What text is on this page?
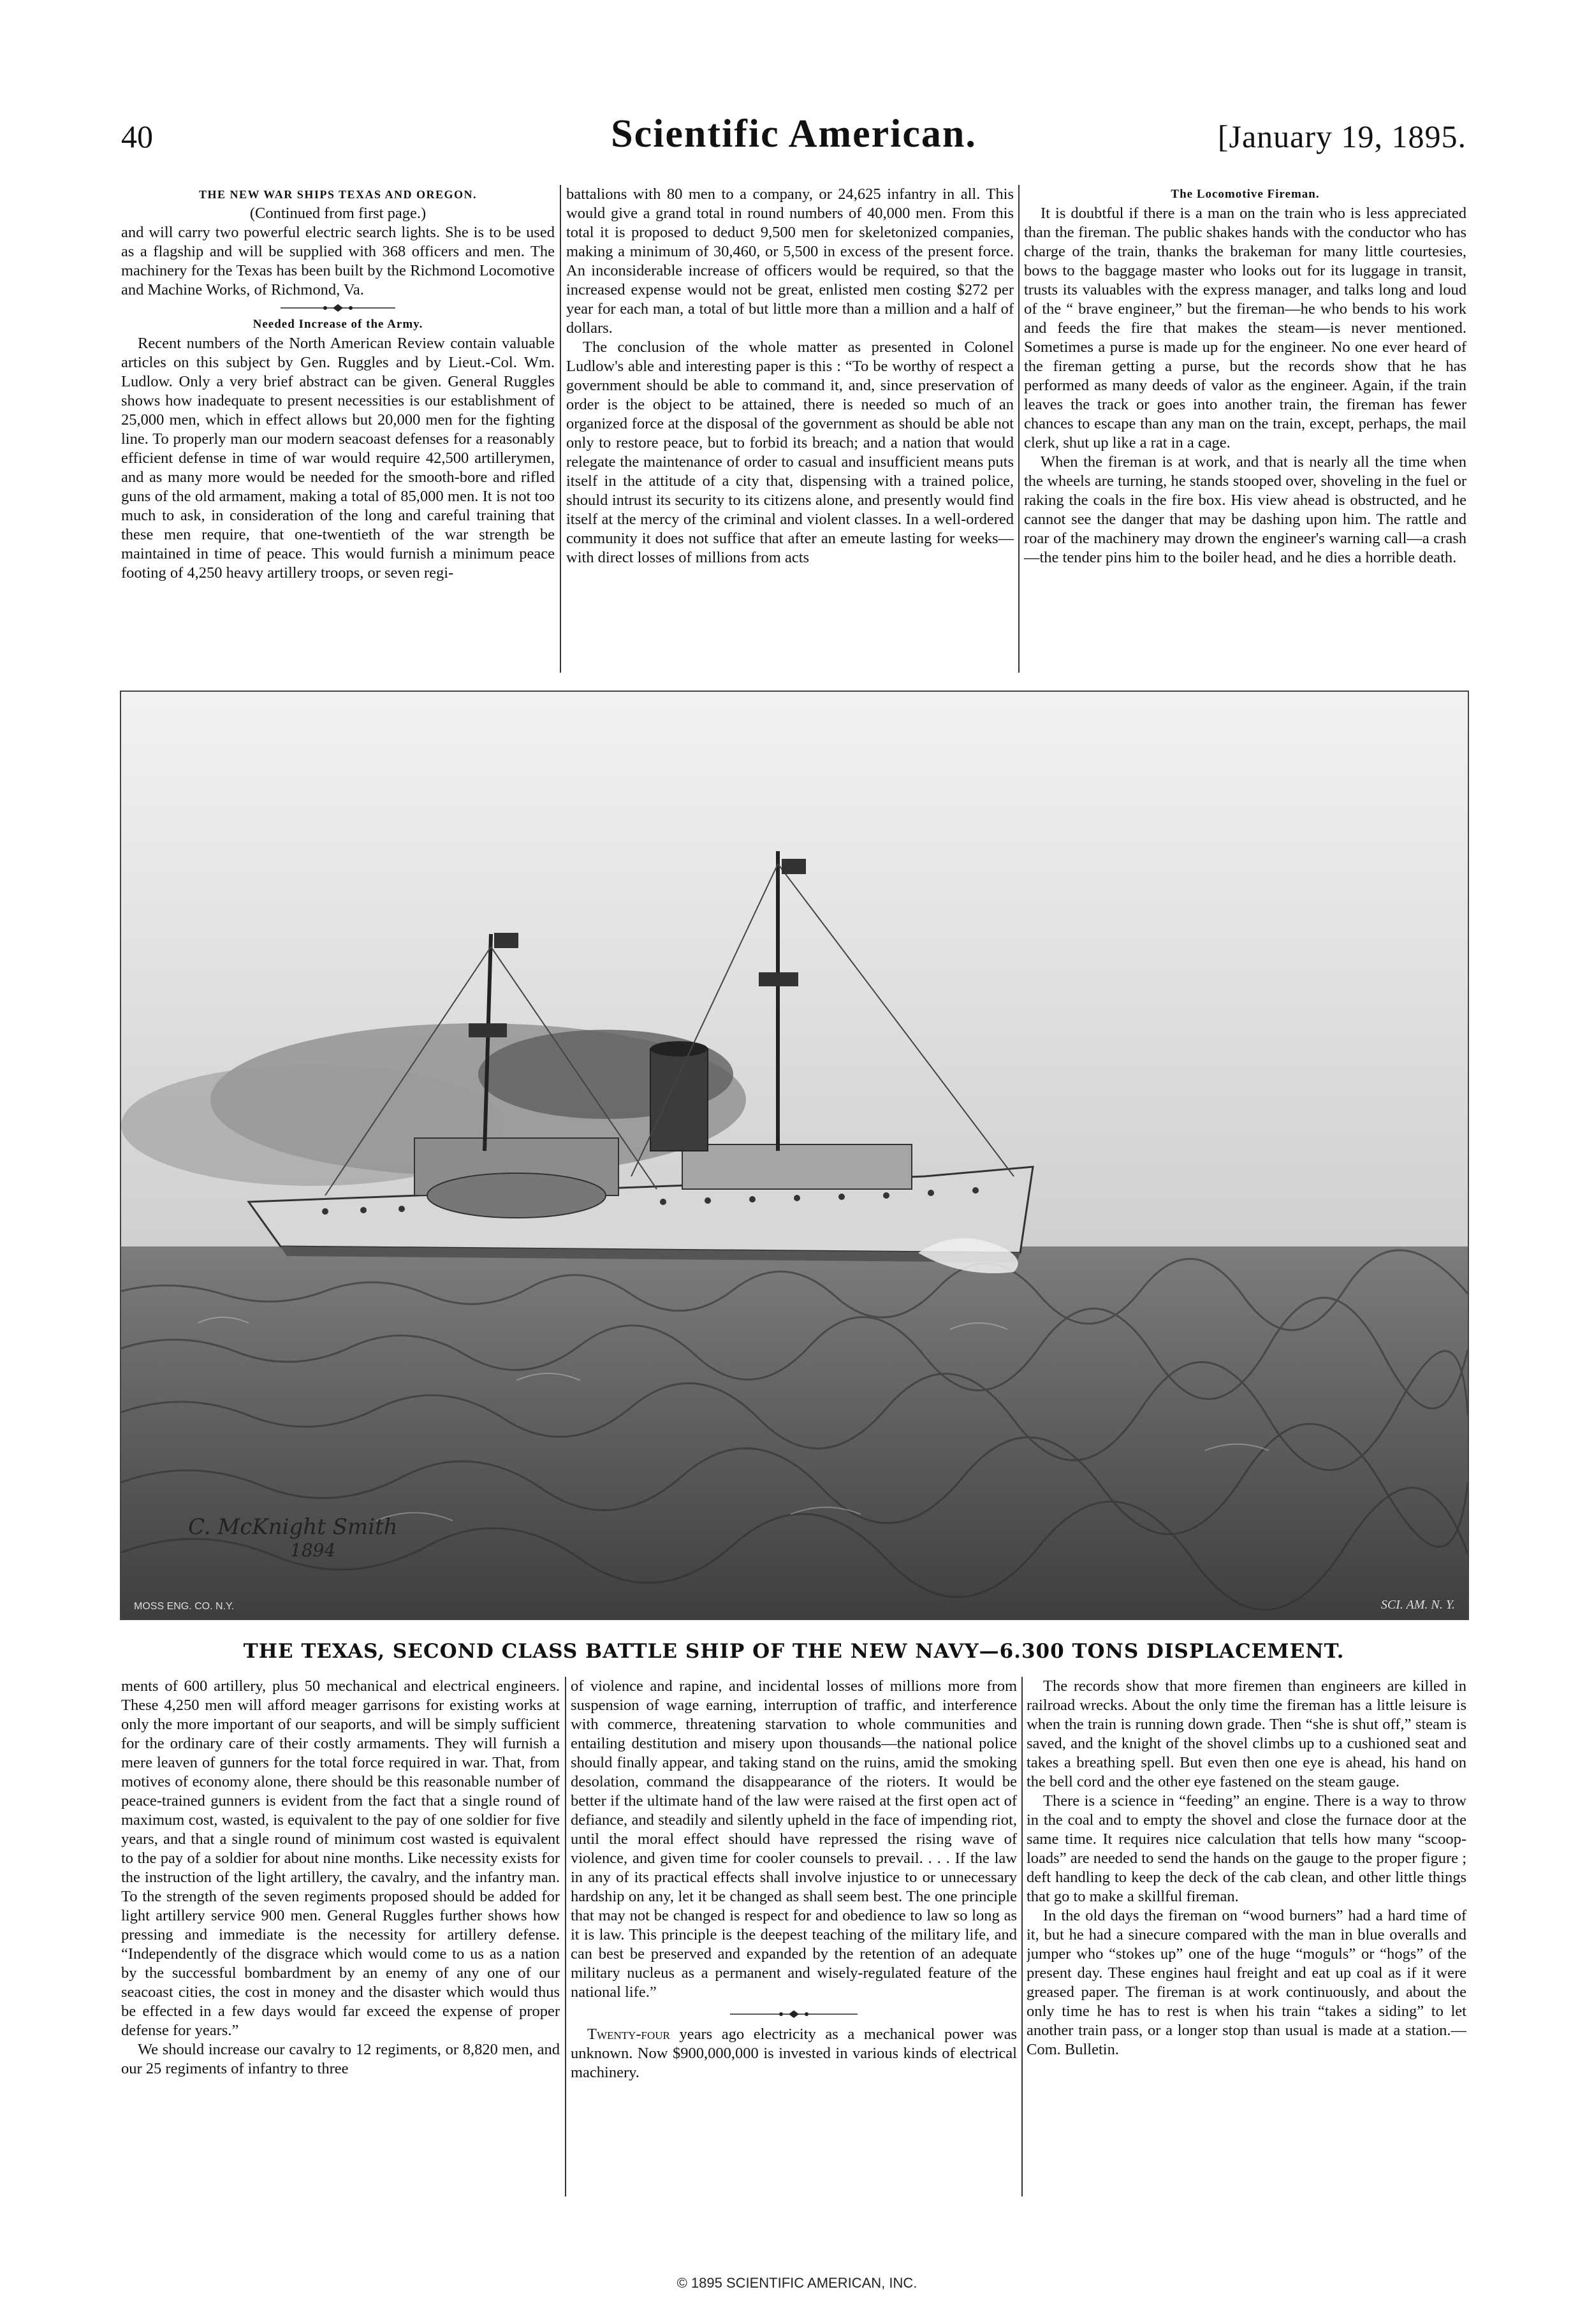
40	Scientific American.	[January 19, 1895.

THE NEW WAR SHIPS TEXAS AND OREGON.

(Continued from first page.)

and will carry two powerful electric search lights. She is to be used as a flagship and will be supplied with 368 officers and men. The machinery for the Texas has been built by the Richmond Locomotive and Machine Works, of Richmond, Va.

Needed Increase of the Army.

Recent numbers of the North American Review contain valuable articles on this subject by Gen. Ruggles and by Lieut.-Col. Wm. Ludlow. Only a very brief abstract can be given. General Ruggles shows how inadequate to present necessities is our establishment of 25,000 men, which in effect allows but 20,000 men for the fighting line. To properly man our modern seacoast defenses for a reasonably efficient defense in time of war would require 42,500 artillerymen, and as many more would be needed for the smooth-bore and rifled guns of the old armament, making a total of 85,000 men. It is not too much to ask, in consideration of the long and careful training that these men require, that one-twentieth of the war strength be maintained in time of peace. This would furnish a minimum peace footing of 4,250 heavy artillery troops, or seven regi-

battalions with 80 men to a company, or 24,625 infantry in all. This would give a grand total in round numbers of 40,000 men. From this total it is proposed to deduct 9,500 men for skeletonized companies, making a minimum of 30,460, or 5,500 in excess of the present force. An inconsiderable increase of officers would be required, so that the increased expense would not be great, enlisted men costing $272 per year for each man, a total of but little more than a million and a half of dollars.

The conclusion of the whole matter as presented in Colonel Ludlow's able and interesting paper is this : “To be worthy of respect a government should be able to command it, and, since preservation of order is the object to be attained, there is needed so much of an organized force at the disposal of the government as should be able not only to restore peace, but to forbid its breach; and a nation that would relegate the maintenance of order to casual and insufficient means puts itself in the attitude of a city that, dispensing with a trained police, should intrust its security to its citizens alone, and presently would find itself at the mercy of the criminal and violent classes. In a well-ordered community it does not suffice that after an emeute lasting for weeks—with direct losses of millions from acts

The Locomotive Fireman.

It is doubtful if there is a man on the train who is less appreciated than the fireman. The public shakes hands with the conductor who has charge of the train, thanks the brakeman for many little courtesies, bows to the baggage master who looks out for its luggage in transit, trusts its valuables with the express manager, and talks long and loud of the “ brave engineer,” but the fireman—he who bends to his work and feeds the fire that makes the steam—is never mentioned. Sometimes a purse is made up for the engineer. No one ever heard of the fireman getting a purse, but the records show that he has performed as many deeds of valor as the engineer. Again, if the train leaves the track or goes into another train, the fireman has fewer chances to escape than any man on the train, except, perhaps, the mail clerk, shut up like a rat in a cage.

When the fireman is at work, and that is nearly all the time when the wheels are turning, he stands stooped over, shoveling in the fuel or raking the coals in the fire box. His view ahead is obstructed, and he cannot see the danger that may be dashing upon him. The rattle and roar of the machinery may drown the engineer's warning call—a crash—the tender pins him to the boiler head, and he dies a horrible death.

C. McKnight Smith
1894
MOSS ENG. CO. N.Y.	SCI. AM. N. Y.
THE TEXAS, SECOND CLASS BATTLE SHIP OF THE NEW NAVY—6.300 TONS DISPLACEMENT.

ments of 600 artillery, plus 50 mechanical and electrical engineers. These 4,250 men will afford meager garrisons for existing works at only the more important of our seaports, and will be simply sufficient for the ordinary care of their costly armaments. They will furnish a mere leaven of gunners for the total force required in war. That, from motives of economy alone, there should be this reasonable number of peace-trained gunners is evident from the fact that a single round of maximum cost, wasted, is equivalent to the pay of one soldier for five years, and that a single round of minimum cost wasted is equivalent to the pay of a soldier for about nine months. Like necessity exists for the instruction of the light artillery, the cavalry, and the infantry man. To the strength of the seven regiments proposed should be added for light artillery service 900 men. General Ruggles further shows how pressing and immediate is the necessity for artillery defense. “Independently of the disgrace which would come to us as a nation by the successful bombardment by an enemy of any one of our seacoast cities, the cost in money and the disaster which would thus be effected in a few days would far exceed the expense of proper defense for years.”

We should increase our cavalry to 12 regiments, or 8,820 men, and our 25 regiments of infantry to three

of violence and rapine, and incidental losses of millions more from suspension of wage earning, interruption of traffic, and interference with commerce, threatening starvation to whole communities and entailing destitution and misery upon thousands—the national police should finally appear, and taking stand on the ruins, amid the smoking desolation, command the disappearance of the rioters. It would be better if the ultimate hand of the law were raised at the first open act of defiance, and steadily and silently upheld in the face of impending riot, until the moral effect should have repressed the rising wave of violence, and given time for cooler counsels to prevail. . . . If the law in any of its practical effects shall involve injustice to or unnecessary hardship on any, let it be changed as shall seem best. The one principle that may not be changed is respect for and obedience to law so long as it is law. This principle is the deepest teaching of the military life, and can best be preserved and expanded by the retention of an adequate military nucleus as a permanent and wisely-regulated feature of the national life.”

Twenty-four years ago electricity as a mechanical power was unknown. Now $900,000,000 is invested in various kinds of electrical machinery.

The records show that more firemen than engineers are killed in railroad wrecks. About the only time the fireman has a little leisure is when the train is running down grade. Then “she is shut off,” steam is saved, and the knight of the shovel climbs up to a cushioned seat and takes a breathing spell. But even then one eye is ahead, his hand on the bell cord and the other eye fastened on the steam gauge.

There is a science in “feeding” an engine. There is a way to throw in the coal and to empty the shovel and close the furnace door at the same time. It requires nice calculation that tells how many “scoop-loads” are needed to send the hands on the gauge to the proper figure ; deft handling to keep the deck of the cab clean, and other little things that go to make a skillful fireman.

In the old days the fireman on “wood burners” had a hard time of it, but he had a sinecure compared with the man in blue overalls and jumper who “stokes up” one of the huge “moguls” or “hogs” of the present day. These engines haul freight and eat up coal as if it were greased paper. The fireman is at work continuously, and about the only time he has to rest is when his train “takes a siding” to let another train pass, or a longer stop than usual is made at a station.—Com. Bulletin.

© 1895 SCIENTIFIC AMERICAN, INC.
